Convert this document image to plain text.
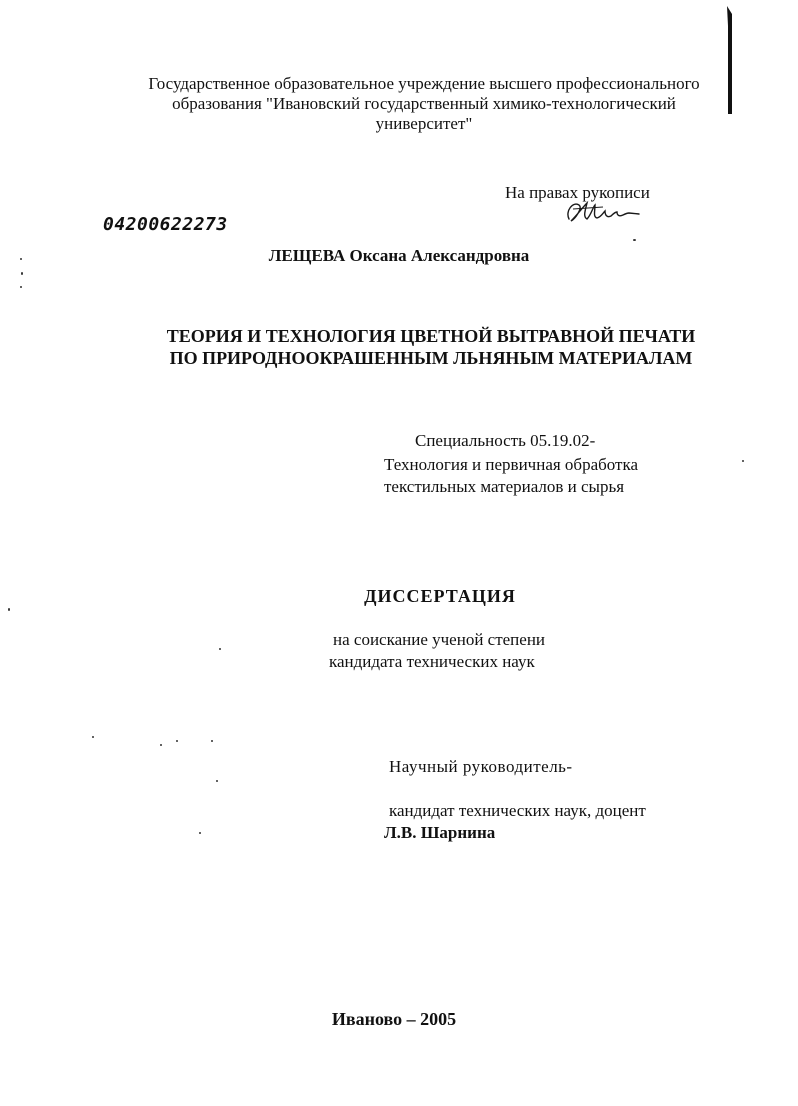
Государственное образовательное учреждение высшего профессионального
образования "Ивановский государственный химико-технологический
университет"
На правах рукописи
0420062227З
ЛЕЩЕВА Оксана Александровна
ТЕОРИЯ И ТЕХНОЛОГИЯ ЦВЕТНОЙ ВЫТРАВНОЙ ПЕЧАТИ
ПО ПРИРОДНООКРАШЕННЫМ ЛЬНЯНЫМ МАТЕРИАЛАМ
Специальность 05.19.02-
Технология и первичная обработка
текстильных материалов и сырья
ДИССЕРТАЦИЯ
на соискание ученой степени
кандидата технических наук
Научный руководитель-
кандидат технических наук, доцент
Л.В. Шарнина
Иваново – 2005
